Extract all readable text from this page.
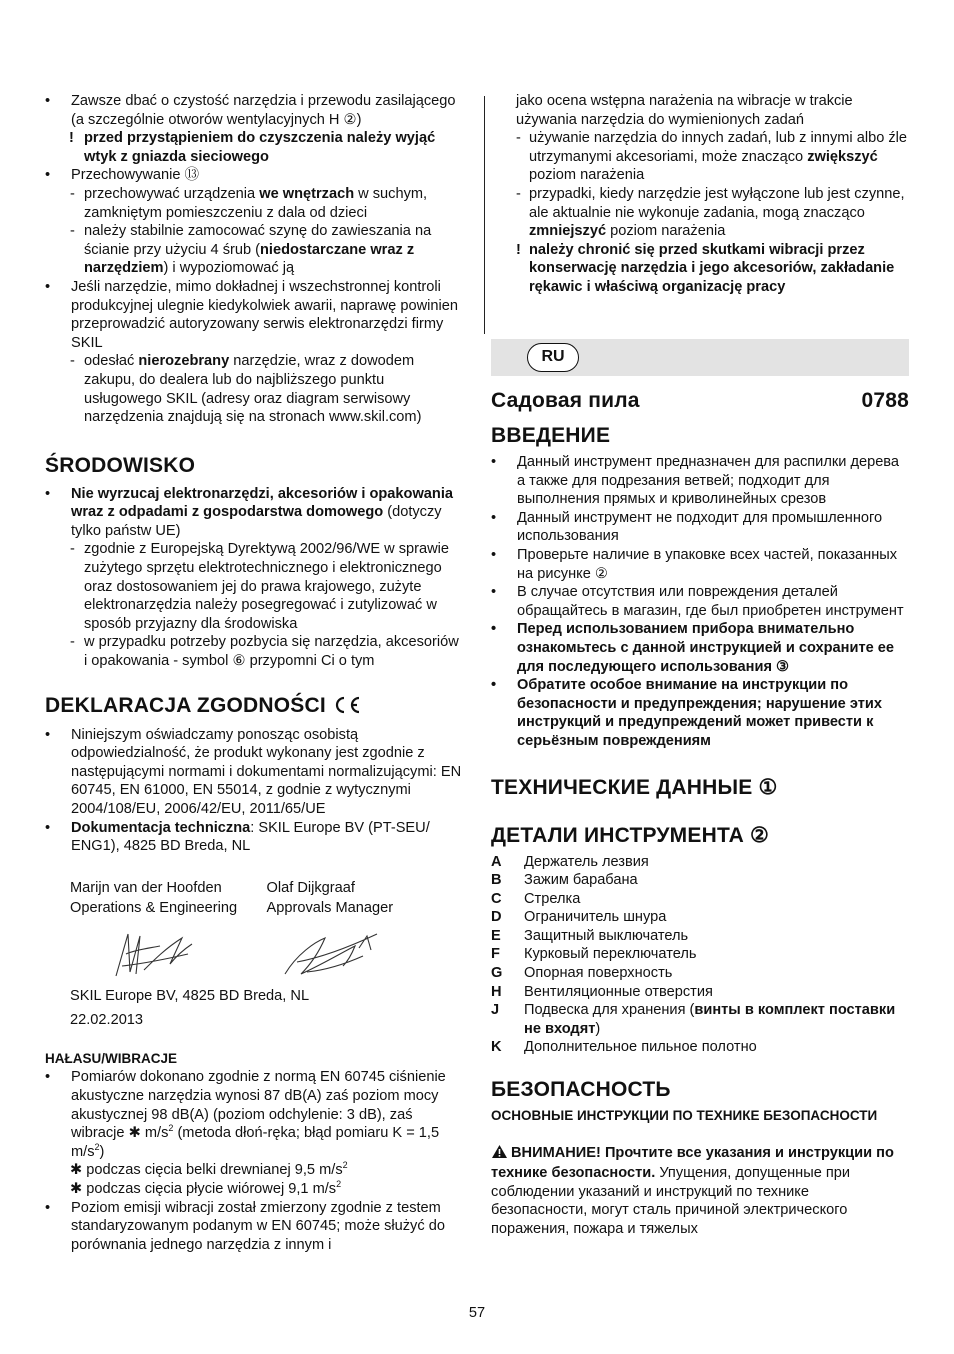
• Zawsze dbać o czystość narzędzia i przewodu zasilającego (a szczególnie otworów wentylacyjnych H ②)
! przed przystąpieniem do czyszczenia należy wyjąć wtyk z gniazda sieciowego
• Przechowywanie ⑬
- przechowywać urządzenia we wnętrzach w suchym, zamkniętym pomieszczeniu z dala od dzieci
- należy stabilnie zamocować szynę do zawieszania na ścianie przy użyciu 4 śrub (niedostarczane wraz z narzędziem) i wypoziomować ją
• Jeśli narzędzie, mimo dokładnej i wszechstronnej kontroli produkcyjnej ulegnie kiedykolwiek awarii, naprawę powinien przeprowadzić autoryzowany serwis elektronarzędzi firmy SKIL
- odesłać nierozebrany narzędzie, wraz z dowodem zakupu, do dealera lub do najbliższego punktu usługowego SKIL (adresy oraz diagram serwisowy narzędzenia znajdują się na stronach www.skil.com)
ŚRODOWISKO
• Nie wyrzucaj elektronarzędzi, akcesoriów i opakowania wraz z odpadami z gospodarstwa domowego (dotyczy tylko państw UE)
- zgodnie z Europejską Dyrektywą 2002/96/WE w sprawie zużytego sprzętu elektrotechnicznego i elektronicznego oraz dostosowaniem jej do prawa krajowego, zużyte elektronarzędzia należy posegregować i zutylizować w sposób przyjazny dla środowiska
- w przypadku potrzeby pozbycia się narzędzia, akcesoriów i opakowania - symbol ⑥ przypomni Ci o tym
DEKLARACJA ZGODNOŚCI
• Niniejszym oświadczamy ponosząc osobistą odpowiedzialność, że produkt wykonany jest zgodnie z następującymi normami i dokumentami normalizującymi: EN 60745, EN 61000, EN 55014, z godnie z wytycznymi 2004/108/EU, 2006/42/EU, 2011/65/UE
• Dokumentacja techniczna: SKIL Europe BV (PT-SEU/ ENG1), 4825 BD Breda, NL
Marijn van der Hoofden
Operations & Engineering
Olaf Dijkgraaf
Approvals Manager
SKIL Europe BV, 4825 BD Breda, NL
22.02.2013
HAŁASU/WIBRACJE
• Pomiarów dokonano zgodnie z normą EN 60745 ciśnienie akustyczne narzędzia wynosi 87 dB(A) zaś poziom mocy akustycznej 98 dB(A) (poziom odchylenie: 3 dB), zaś wibracje ✱ $m/s^2$ (metoda dłoń-ręka; błąd pomiaru K = 1,5 $m/s^2$)
✱ podczas cięcia belki drewnianej 9,5 $m/s^2$
✱ podczas cięcia płycie wiórowej 9,1 $m/s^2$
• Poziom emisji wibracji został zmierzony zgodnie z testem standaryzowanym podanym w EN 60745; może służyć do porównania jednego narzędzia z innym i
jako ocena wstępna narażenia na wibracje w trakcie używania narzędzia do wymienionych zadań
- używanie narzędzia do innych zadań, lub z innymi albo źle utrzymanymi akcesoriami, może znacząco zwiększyć poziom narażenia
- przypadki, kiedy narzędzie jest wyłączone lub jest czynne, ale aktualnie nie wykonuje zadania, mogą znacząco zmniejszyć poziom narażenia
! należy chronić się przed skutkami wibracji przez konserwację narzędzia i jego akcesoriów, zakładanie rękawic i właściwą organizację pracy
RU
Садовая пила	0788
ВВЕДЕНИЕ
• Данный инструмент предназначен для распилки дерева а также для подрезания ветвей; подходит для выполнения прямых и криволинейных срезов
• Данный инструмент не подходит для промышленного использования
• Проверьте наличие в упаковке всех частей, показанных на рисунке ②
• В случае отсутствия или повреждения деталей обращайтесь в магазин, где был приобретен инструмент
• Перед использованием прибора внимательно ознакомьтесь с данной инструкцией и сохраните ее для последующего использования ③
• Обратите особое внимание на инструкции по безопасности и предупреждения; нарушение этих инструкций и предупреждений может привести к серьёзным повреждениям
ТЕХНИЧЕСКИЕ ДАННЫЕ ①
ДЕТАЛИ ИНСТРУМЕНТА ②
A Держатель лезвия
B Зажим барабана
C Стрелка
D Ограничитель шнура
E Защитный выключатель
F Курковый переключатель
G Опорная поверхность
H Вентиляционные отверстия
J Подвеска для хранения (винты в комплект поставки не входят)
K Дополнительное пильное полотно
БЕЗОПАСНОСТЬ
ОСНОВНЫЕ ИНСТРУКЦИИ ПО ТЕХНИКЕ БЕЗОПАСНОСТИ
ВНИМАНИЕ! Прочтите все указания и инструкции по технике безопасности. Упущения, допущенные при соблюдении указаний и инструкций по технике безопасности, могут сталь причиной электрического поражения, пожара и тяжелых
57
